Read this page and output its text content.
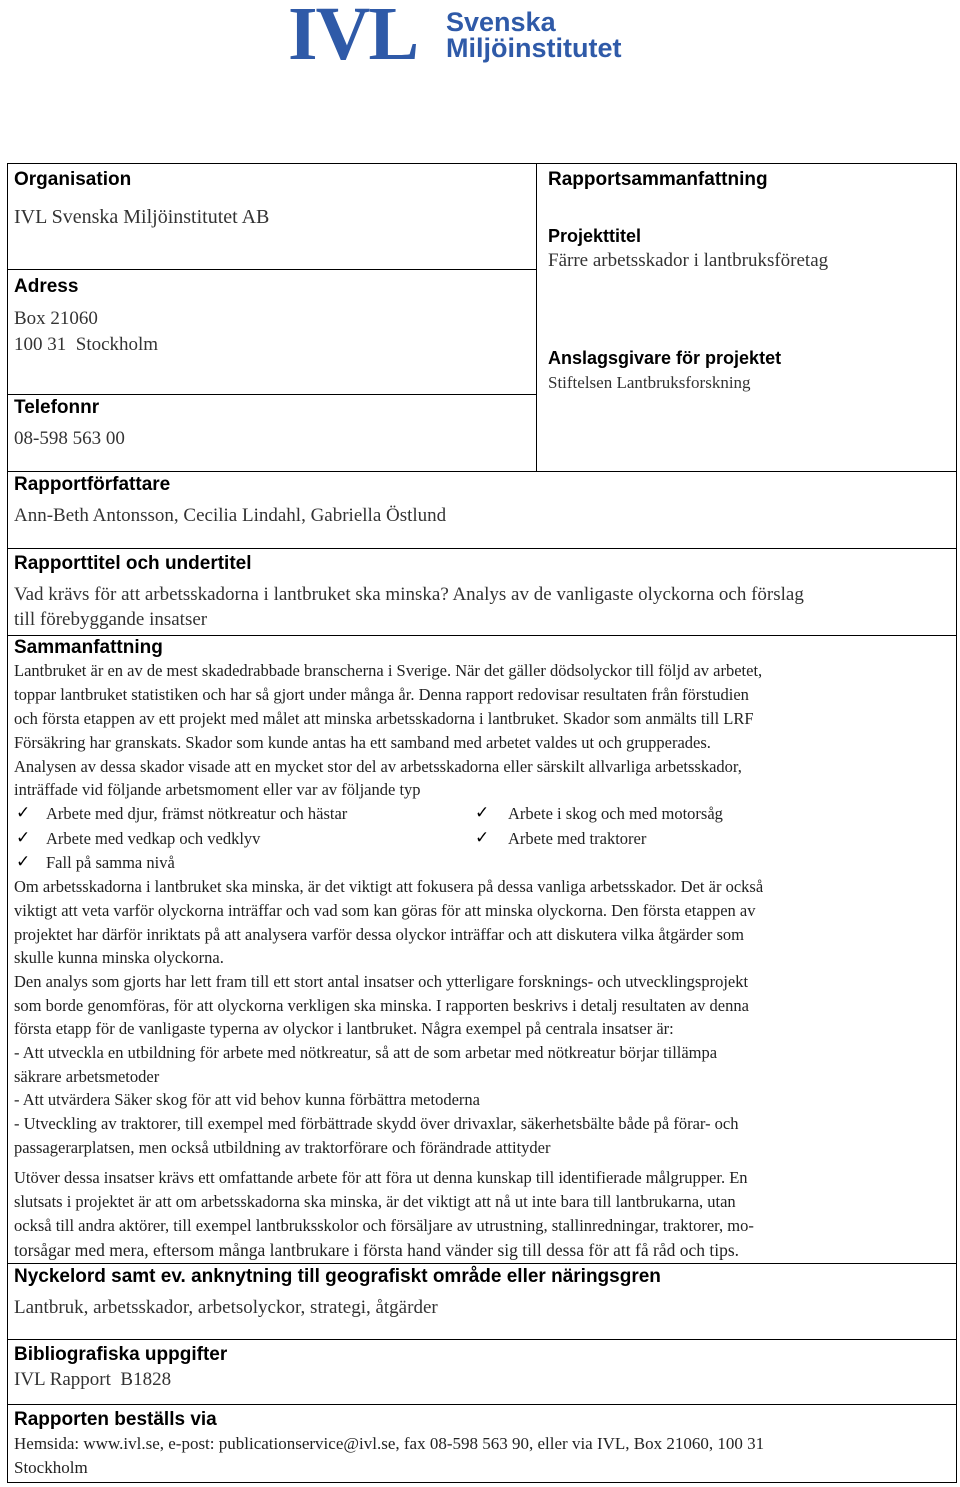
IVL Svenska
Miljöinstitutet
Organisation
IVL Svenska Miljöinstitutet AB
Adress
Box 21060
100 31  Stockholm
Telefonnr
08-598 563 00
Rapportsammanfattning
Projekttitel
Färre arbetsskador i lantbruksföretag
Anslagsgivare för projektet
Stiftelsen Lantbruksforskning
Rapportförfattare
Ann-Beth Antonsson, Cecilia Lindahl, Gabriella Östlund
Rapporttitel och undertitel
Vad krävs för att arbetsskadorna i lantbruket ska minska? Analys av de vanligaste olyckorna och förslag
till förebyggande insatser
Sammanfattning
Lantbruket är en av de mest skadedrabbade branscherna i Sverige. När det gäller dödsolyckor till följd av arbetet,
toppar lantbruket statistiken och har så gjort under många år. Denna rapport redovisar resultaten från förstudien
och första etappen av ett projekt med målet att minska arbetsskadorna i lantbruket. Skador som anmälts till LRF
Försäkring har granskats. Skador som kunde antas ha ett samband med arbetet valdes ut och grupperades.
Analysen av dessa skador visade att en mycket stor del av arbetsskadorna eller särskilt allvarliga arbetsskador,
inträffade vid följande arbetsmoment eller var av följande typ
✓ Arbete med djur, främst nötkreatur och hästar	✓ Arbete i skog och med motorsåg
✓ Arbete med vedkap och vedklyv	✓ Arbete med traktorer
✓ Fall på samma nivå
Om arbetsskadorna i lantbruket ska minska, är det viktigt att fokusera på dessa vanliga arbetsskador. Det är också
viktigt att veta varför olyckorna inträffar och vad som kan göras för att minska olyckorna. Den första etappen av
projektet har därför inriktats på att analysera varför dessa olyckor inträffar och att diskutera vilka åtgärder som
skulle kunna minska olyckorna.
Den analys som gjorts har lett fram till ett stort antal insatser och ytterligare forsknings- och utvecklingsprojekt
som borde genomföras, för att olyckorna verkligen ska minska. I rapporten beskrivs i detalj resultaten av denna
första etapp för de vanligaste typerna av olyckor i lantbruket. Några exempel på centrala insatser är:
- Att utveckla en utbildning för arbete med nötkreatur, så att de som arbetar med nötkreatur börjar tillämpa
säkrare arbetsmetoder
- Att utvärdera Säker skog för att vid behov kunna förbättra metoderna
- Utveckling av traktorer, till exempel med förbättrade skydd över drivaxlar, säkerhetsbälte både på förar- och
passagerarplatsen, men också utbildning av traktorförare och förändrade attityder
Utöver dessa insatser krävs ett omfattande arbete för att föra ut denna kunskap till identifierade målgrupper. En
slutsats i projektet är att om arbetsskadorna ska minska, är det viktigt att nå ut inte bara till lantbrukarna, utan
också till andra aktörer, till exempel lantbruksskolor och försäljare av utrustning, stallinredningar, traktorer, mo-
torsågar med mera, eftersom många lantbrukare i första hand vänder sig till dessa för att få råd och tips.
Nyckelord samt ev. anknytning till geografiskt område eller näringsgren
Lantbruk, arbetsskador, arbetsolyckor, strategi, åtgärder
Bibliografiska uppgifter
IVL Rapport  B1828
Rapporten beställs via
Hemsida: www.ivl.se, e-post: publicationservice@ivl.se, fax 08-598 563 90, eller via IVL, Box 21060, 100 31
Stockholm
